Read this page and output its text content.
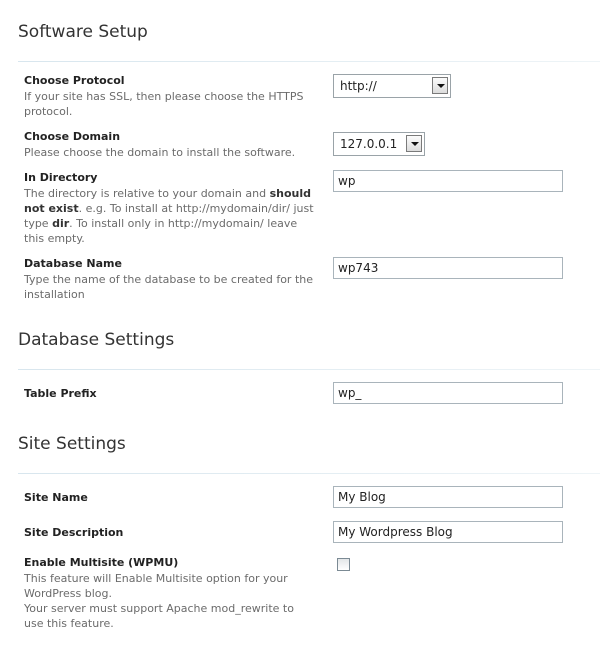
Software Setup
Choose Protocol
If your site has SSL, then please choose the HTTPS protocol.
http://
Choose Domain
Please choose the domain to install the software.
127.0.0.1
In Directory
The directory is relative to your domain and should not exist. e.g. To install at http://mydomain/dir/ just type dir. To install only in http://mydomain/ leave this empty.
wp
Database Name
Type the name of the database to be created for the installation
wp743
Database Settings
Table Prefix
wp_
Site Settings
Site Name
My Blog
Site Description
My Wordpress Blog
Enable Multisite (WPMU)
This feature will Enable Multisite option for your WordPress blog.
Your server must support Apache mod_rewrite to use this feature.
